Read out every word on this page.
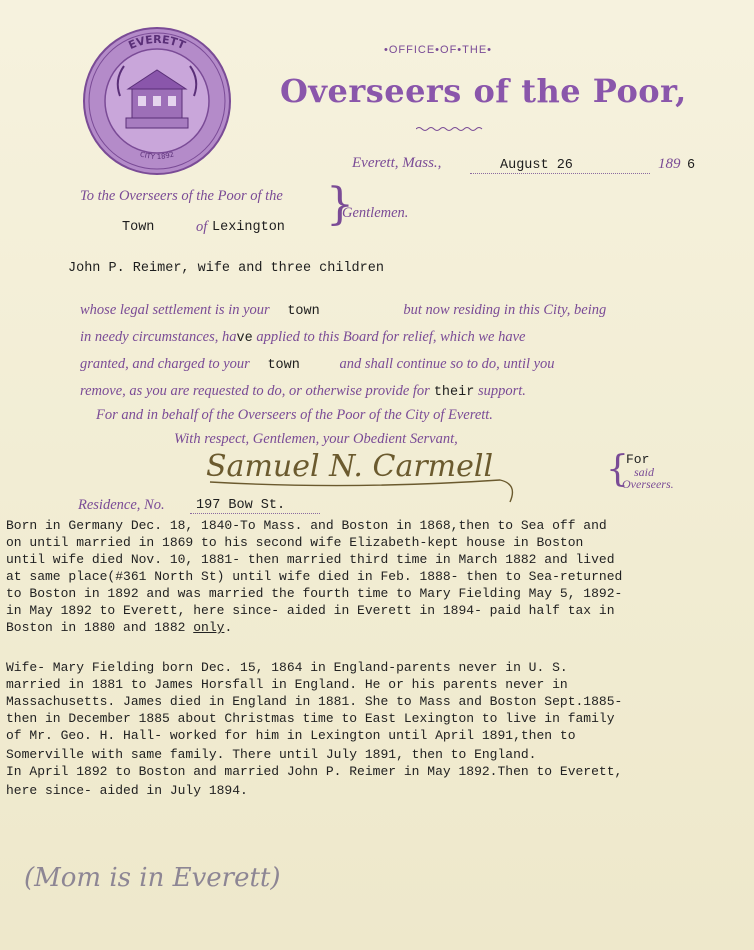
EVERETT
CITY 1892
•OFFICE•OF•THE•
Overseers of the Poor,
Everett, Mass.,	August 26	189 6
To the Overseers of the Poor of the }
Gentlemen.
Town	of Lexington
John P. Reimer, wife and three children
whose legal settlement is in your town	but now residing in this City, being
in needy circumstances, have applied to this Board for relief, which we have
granted, and charged to your town	and shall continue so to do, until you
remove, as you are requested to do, or otherwise provide for their support.
For and in behalf of the Overseers of the Poor of the City of Everett.
With respect, Gentlemen, your Obedient Servant,
Samuel N. Carmell	{
For
said
Overseers.
Residence, No. 197 Bow St.
Born in Germany Dec. 18, 1840-To Mass. and Boston in 1868,then to Sea off and
on until married in 1869 to his second wife Elizabeth-kept house in Boston
until wife died Nov. 10, 1881- then married third time in March 1882 and lived
at same place(#361 North St) until wife died in Feb. 1888- then to Sea-returned
to Boston in 1892 and was married the fourth time to Mary Fielding May 5, 1892-
in May 1892 to Everett, here since- aided in Everett in 1894- paid half tax in
Boston in 1880 and 1882 only.
Wife- Mary Fielding born Dec. 15, 1864 in England-parents never in U. S.
married in 1881 to James Horsfall in England. He or his parents never in
Massachusetts. James died in England in 1881. She to Mass and Boston Sept.1885-
then in December 1885 about Christmas time to East Lexington to live in family
of Mr. Geo. H. Hall- worked for him in Lexington until April 1891,then to
Somerville with same family. There until July 1891, then to England.
In April 1892 to Boston and married John P. Reimer in May 1892.Then to Everett,
here since- aided in July 1894.
(Mom is in Everett)
